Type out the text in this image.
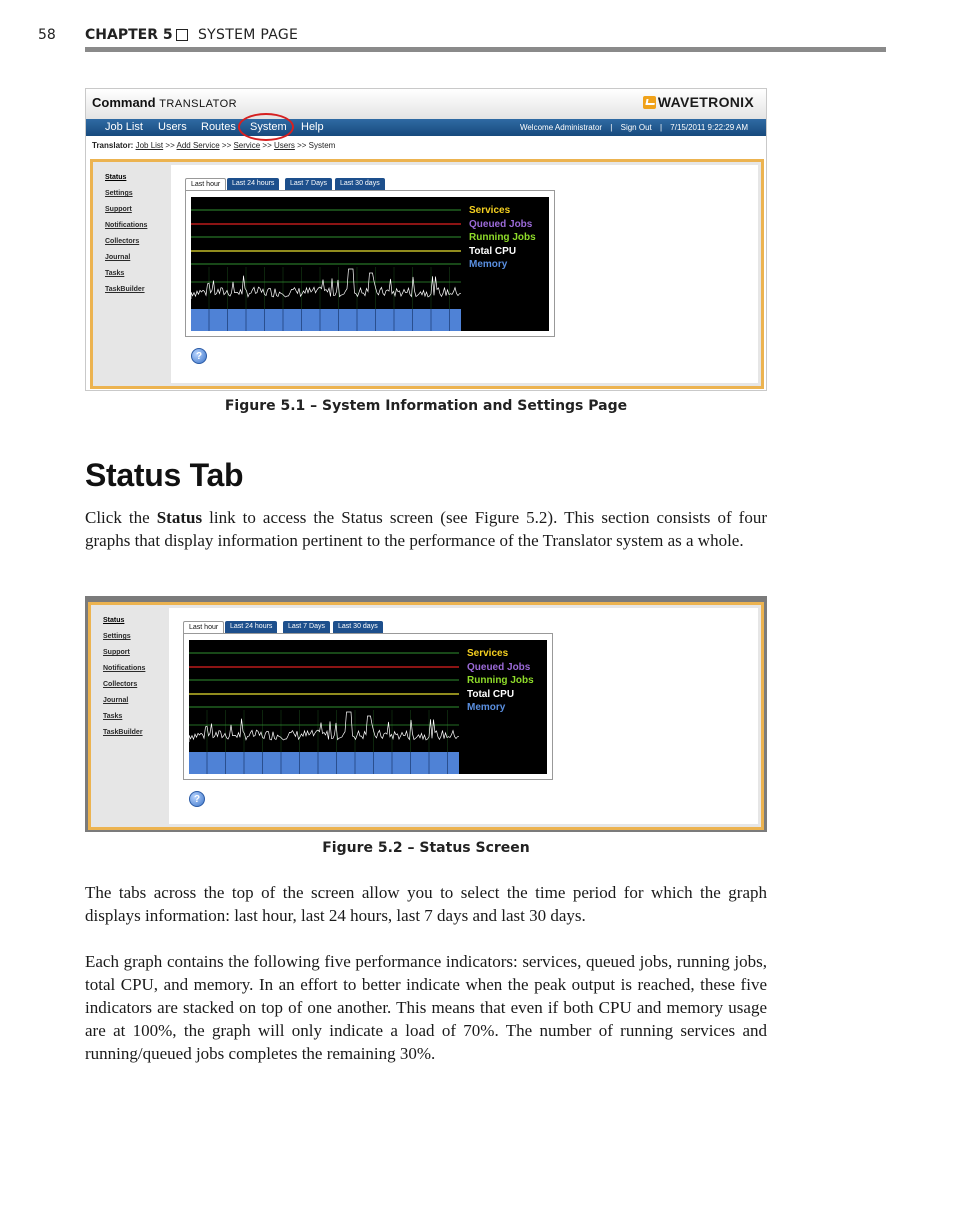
58 CHAPTER 5 SYSTEM PAGE
Command TRANSLATOR	WAVETRONIX
Job List Users Routes System Help	Welcome Administrator | Sign Out | 7/15/2011 9:22:29 AM
Translator: Job List >> Add Service >> Service >> Users >> System
Status
Settings
Support
Notifications
Collectors
Journal
Tasks
TaskBuilder
Last hour	Last 24 hours	Last 7 Days	Last 30 days
Services
Queued Jobs
Running Jobs
Total CPU
Memory
?
Figure 5.1 – System Information and Settings Page
Status Tab

Click the Status link to access the Status screen (see Figure 5.2). This section consists of four graphs that display information pertinent to the performance of the Translator system as a whole.

Status
Settings
Support
Notifications
Collectors
Journal
Tasks
TaskBuilder
Last hour	Last 24 hours	Last 7 Days	Last 30 days
Services
Queued Jobs
Running Jobs
Total CPU
Memory
?
Figure 5.2 – Status Screen

The tabs across the top of the screen allow you to select the time period for which the graph displays information: last hour, last 24 hours, last 7 days and last 30 days.

Each graph contains the following five performance indicators: services, queued jobs, running jobs, total CPU, and memory. In an effort to better indicate when the peak output is reached, these five indicators are stacked on top of one another. This means that even if both CPU and memory usage are at 100%, the graph will only indicate a load of 70%. The number of running services and running/queued jobs completes the remaining 30%.
